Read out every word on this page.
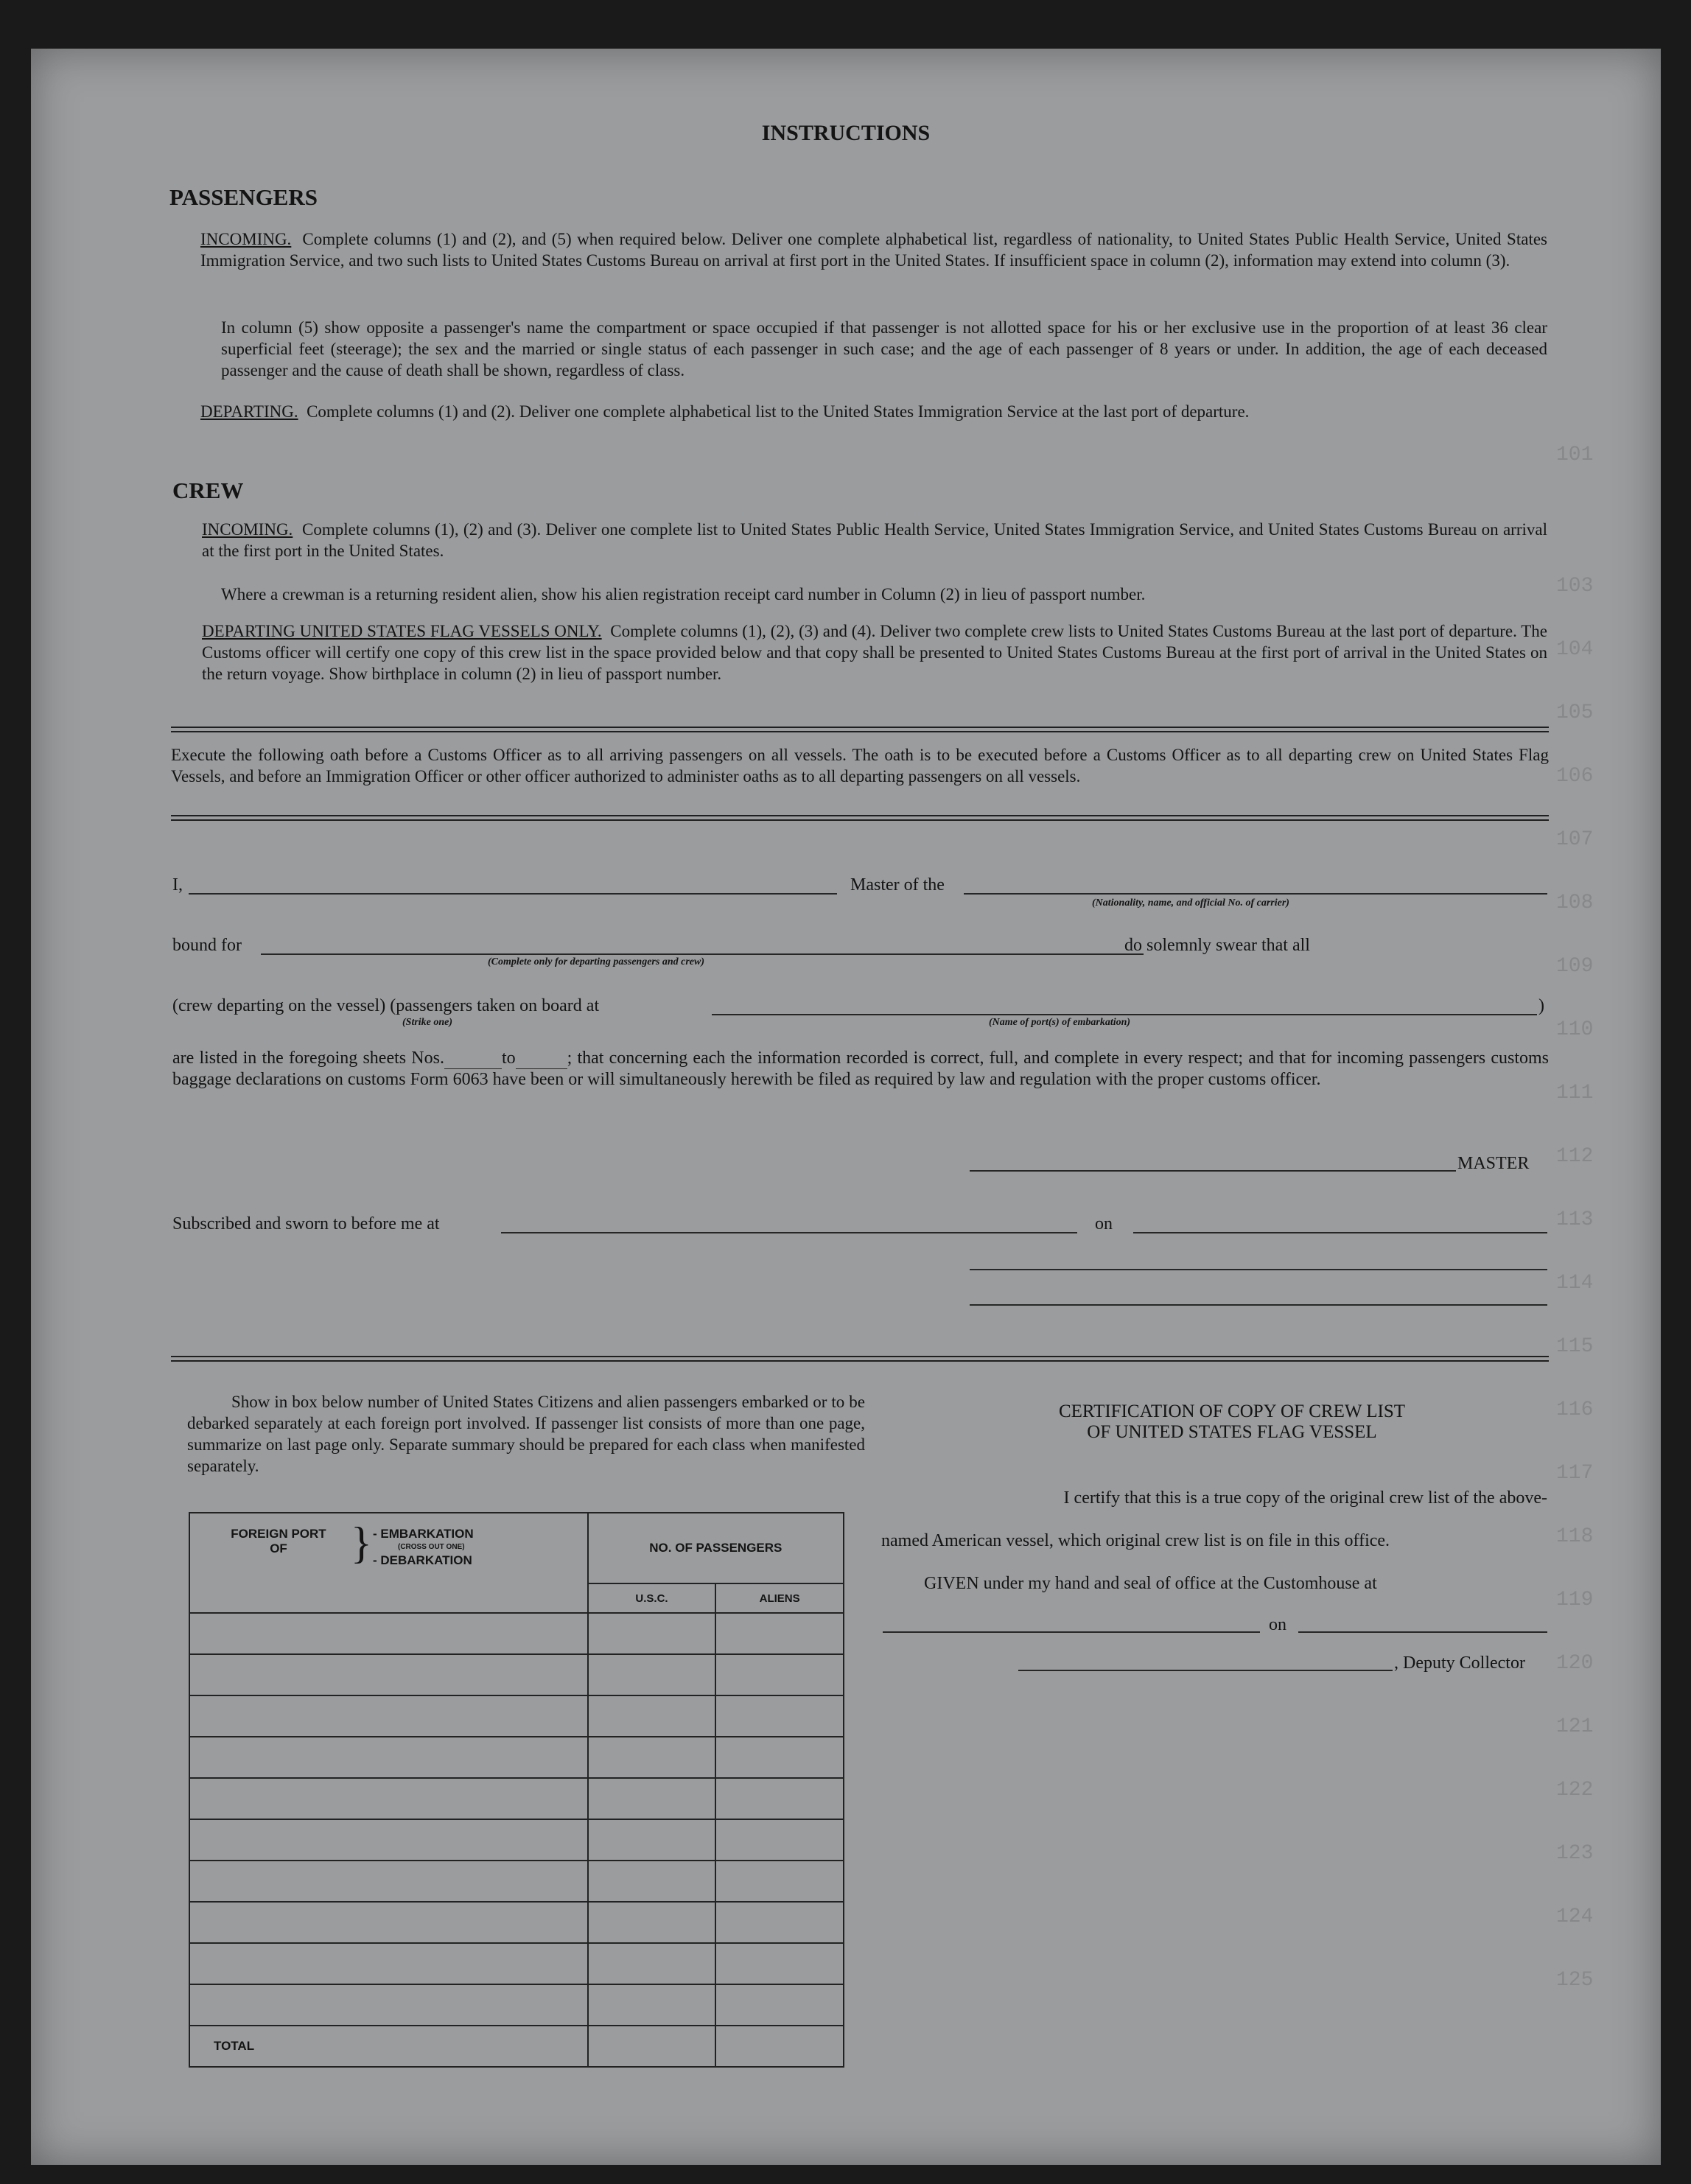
101
103
104
105
106
107
108
109
110
111
112
113
114
115
116
117
118
119
120
121
122
123
124
125
INSTRUCTIONS
PASSENGERS
INCOMING. Complete columns (1) and (2), and (5) when required below. Deliver one complete alphabetical list, regardless of nationality, to United States Public Health Service, United States Immigration Service, and two such lists to United States Customs Bureau on arrival at first port in the United States. If insufficient space in column (2), information may extend into column (3).
In column (5) show opposite a passenger's name the compartment or space occupied if that passenger is not allotted space for his or her exclusive use in the proportion of at least 36 clear superficial feet (steerage); the sex and the married or single status of each passenger in such case; and the age of each passenger of 8 years or under. In addition, the age of each deceased passenger and the cause of death shall be shown, regardless of class.
DEPARTING. Complete columns (1) and (2). Deliver one complete alphabetical list to the United States Immigration Service at the last port of departure.
CREW
INCOMING. Complete columns (1), (2) and (3). Deliver one complete list to United States Public Health Service, United States Immigration Service, and United States Customs Bureau on arrival at the first port in the United States.
Where a crewman is a returning resident alien, show his alien registration receipt card number in Column (2) in lieu of passport number.
DEPARTING UNITED STATES FLAG VESSELS ONLY. Complete columns (1), (2), (3) and (4). Deliver two complete crew lists to United States Customs Bureau at the last port of departure. The Customs officer will certify one copy of this crew list in the space provided below and that copy shall be presented to United States Customs Bureau at the first port of arrival in the United States on the return voyage. Show birthplace in column (2) in lieu of passport number.
Execute the following oath before a Customs Officer as to all arriving passengers on all vessels. The oath is to be executed before a Customs Officer as to all departing crew on United States Flag Vessels, and before an Immigration Officer or other officer authorized to administer oaths as to all departing passengers on all vessels.
I,	Master of the
(Nationality, name, and official No. of carrier)
bound for
(Complete only for departing passengers and crew)
do solemnly swear that all
(crew departing on the vessel) (passengers taken on board at	)
(Strike one)	(Name of port(s) of embarkation)
are listed in the foregoing sheets Nos.	to	; that concerning each the information recorded is correct, full, and complete in every respect; and that for incoming passengers customs baggage declarations on customs Form 6063 have been or will simultaneously herewith be filed as required by law and regulation with the proper customs officer.
MASTER
Subscribed and sworn to before me at	on
Show in box below number of United States Citizens and alien passengers embarked or to be debarked separately at each foreign port involved. If passenger list consists of more than one page, summarize on last page only. Separate summary should be prepared for each class when manifested separately.
FOREIGN PORT OF } - EMBARKATION
(CROSS OUT ONE)
- DEBARKATION	NO. OF PASSENGERS	
	U.S.C.	ALIENS

TOTAL		
CERTIFICATION OF COPY OF CREW LIST
OF UNITED STATES FLAG VESSEL
I certify that this is a true copy of the original crew list of the above-
named American vessel, which original crew list is on file in this office.
GIVEN under my hand and seal of office at the Customhouse at
on
, Deputy Collector
